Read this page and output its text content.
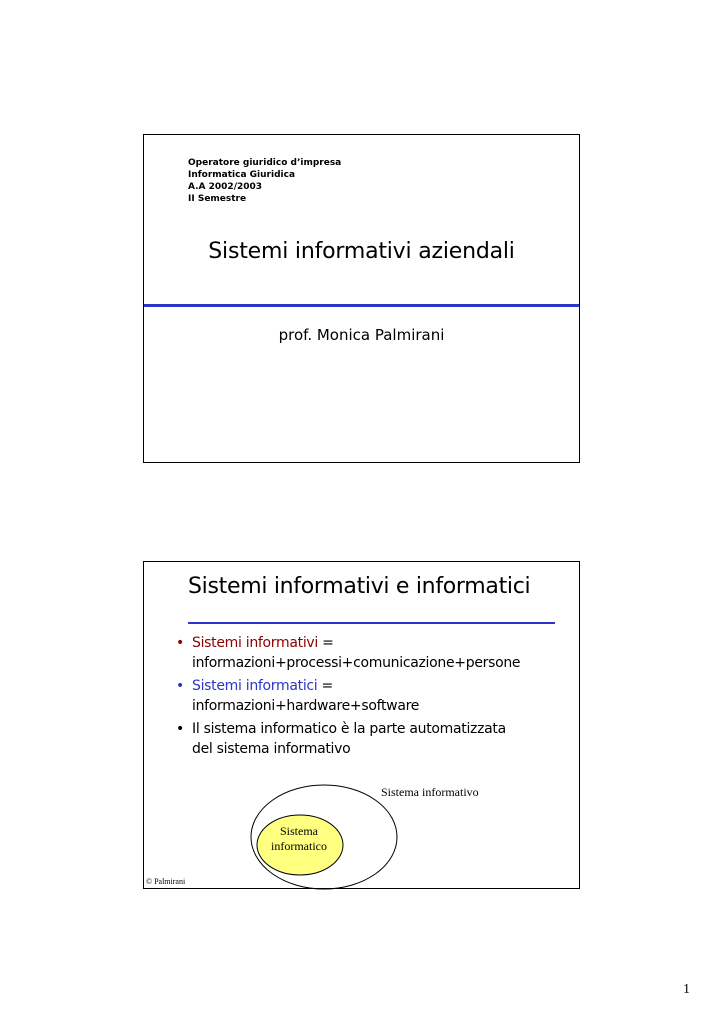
Operatore giuridico d’impresa
Informatica Giuridica
A.A 2002/2003
II Semestre
Sistemi informativi aziendali
prof. Monica Palmirani
Sistemi informativi e informatici
• Sistemi informativi =
informazioni+processi+comunicazione+persone
• Sistemi informatici =
informazioni+hardware+software
• Il sistema informatico è la parte automatizzata
del sistema informativo
Sistema informativo
Sistema
informatico
© Palmirani
1
